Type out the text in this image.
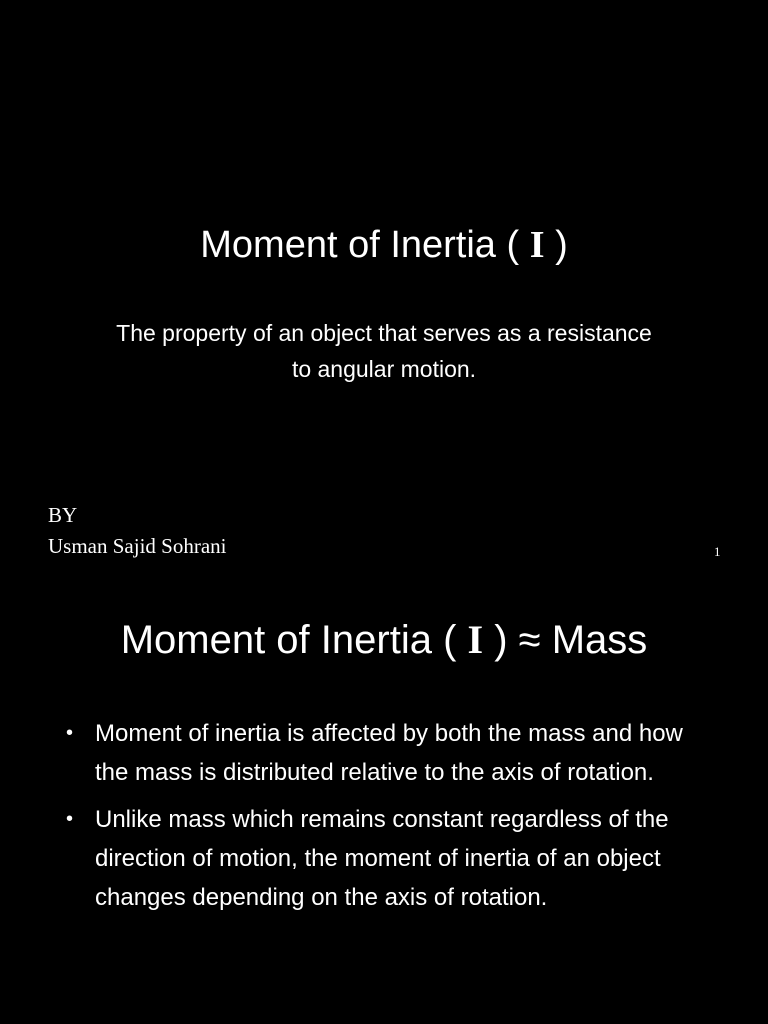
Moment of Inertia ( I )
The property of an object that serves as a resistance to angular motion.
BY
Usman Sajid Sohrani	1
Moment of Inertia ( I ) ≈ Mass
• Moment of inertia is affected by both the mass and how the mass is distributed relative to the axis of rotation.
• Unlike mass which remains constant regardless of the direction of motion, the moment of inertia of an object changes depending on the axis of rotation.
